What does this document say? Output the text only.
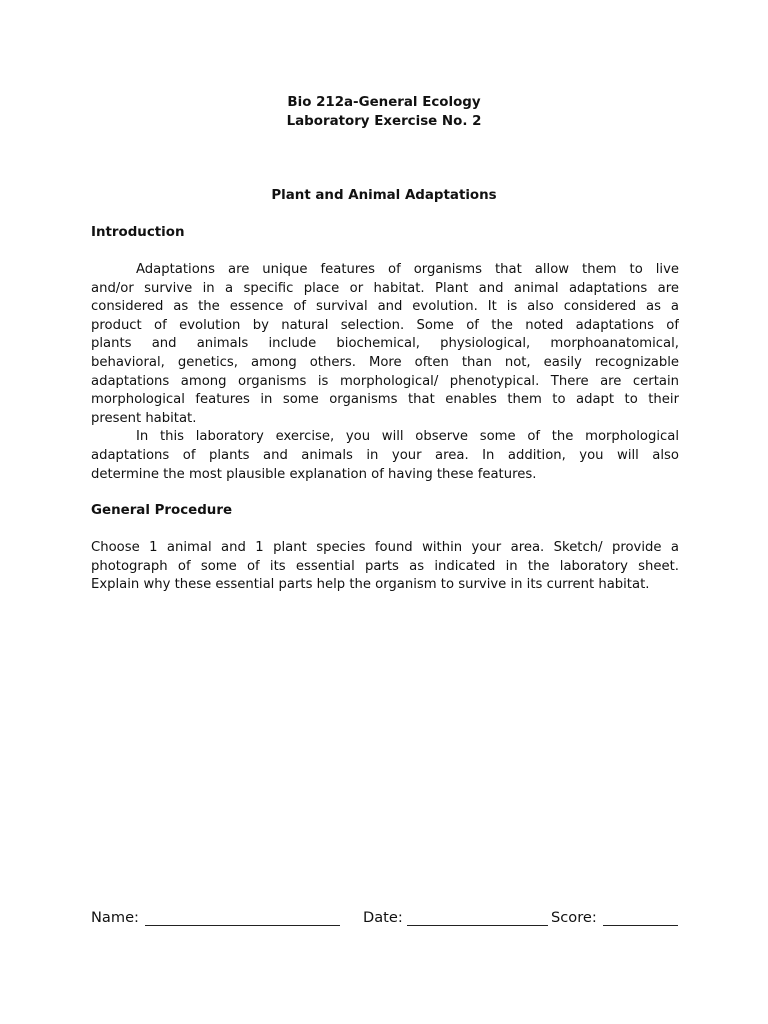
Bio 212a-General Ecology
Laboratory Exercise No. 2
Plant and Animal Adaptations
Introduction
Adaptations are unique features of organisms that allow them to live
and/or survive in a specific place or habitat. Plant and animal adaptations are
considered as the essence of survival and evolution. It is also considered as a
product of evolution by natural selection. Some of the noted adaptations of
plants and animals include biochemical, physiological, morphoanatomical,
behavioral, genetics, among others. More often than not, easily recognizable
adaptations among organisms is morphological/ phenotypical. There are certain
morphological features in some organisms that enables them to adapt to their
present habitat.
In this laboratory exercise, you will observe some of the morphological
adaptations of plants and animals in your area. In addition, you will also
determine the most plausible explanation of having these features.
General Procedure
Choose 1 animal and 1 plant species found within your area. Sketch/ provide a
photograph of some of its essential parts as indicated in the laboratory sheet.
Explain why these essential parts help the organism to survive in its current habitat.
Name:	Date:	Score:
